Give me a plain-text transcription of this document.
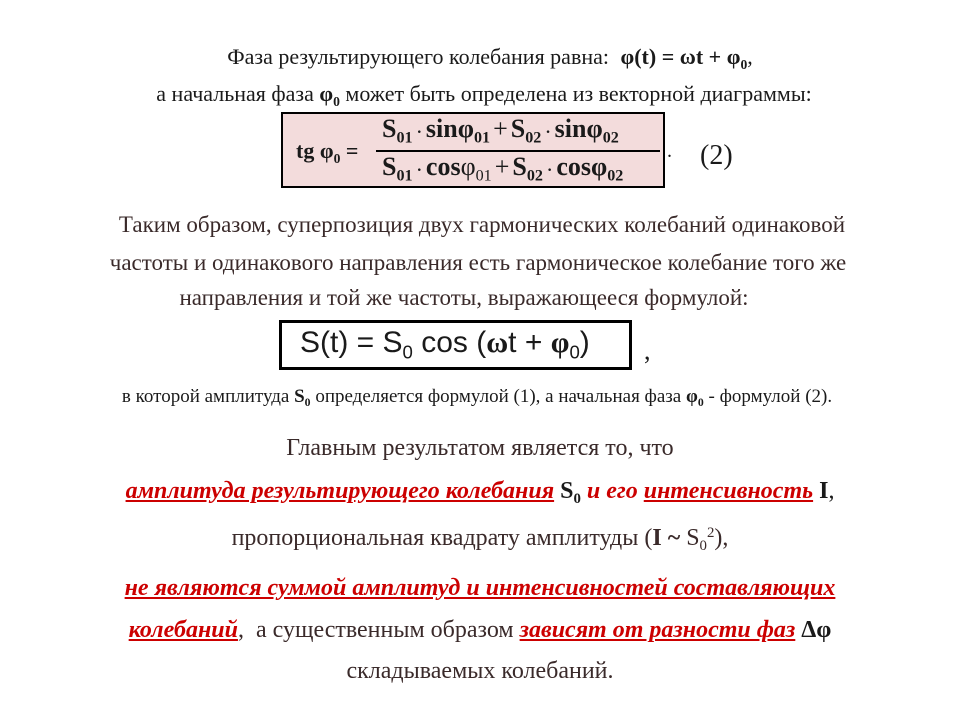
Фаза результирующего колебания равна: $\varphi(t) = \omega t + \varphi_0$,
а начальная фаза $\varphi_0$ может быть определена из векторной диаграммы:
tg $\varphi_0$ =
$S_{01} \cdot \sin\varphi_{01} + S_{02} \cdot \sin\varphi_{02}$
$S_{01} \cdot \cos\varphi_{01} + S_{02} \cdot \cos\varphi_{02}$
. (2)
Таким образом, суперпозиция двух гармонических колебаний одинаковой
частоты и одинакового направления есть гармоническое колебание того же
направления и той же частоты, выражающееся формулой:
$S(t) = S_0$ $\cos (\omega t + \varphi_0)$ ,
в которой амплитуда $S_0$ определяется формулой (1), а начальная фаза $\varphi_0$ - формулой (2).
Главным результатом является то, что
амплитуда результирующего колебания $S_0$ и его интенсивность I,
пропорциональная квадрату амплитуды (I ~ $S_0^2$),
не являются суммой амплитуд и интенсивностей составляющих
колебаний,  а существенным образом зависят от разности фаз Δφ
складываемых колебаний.
